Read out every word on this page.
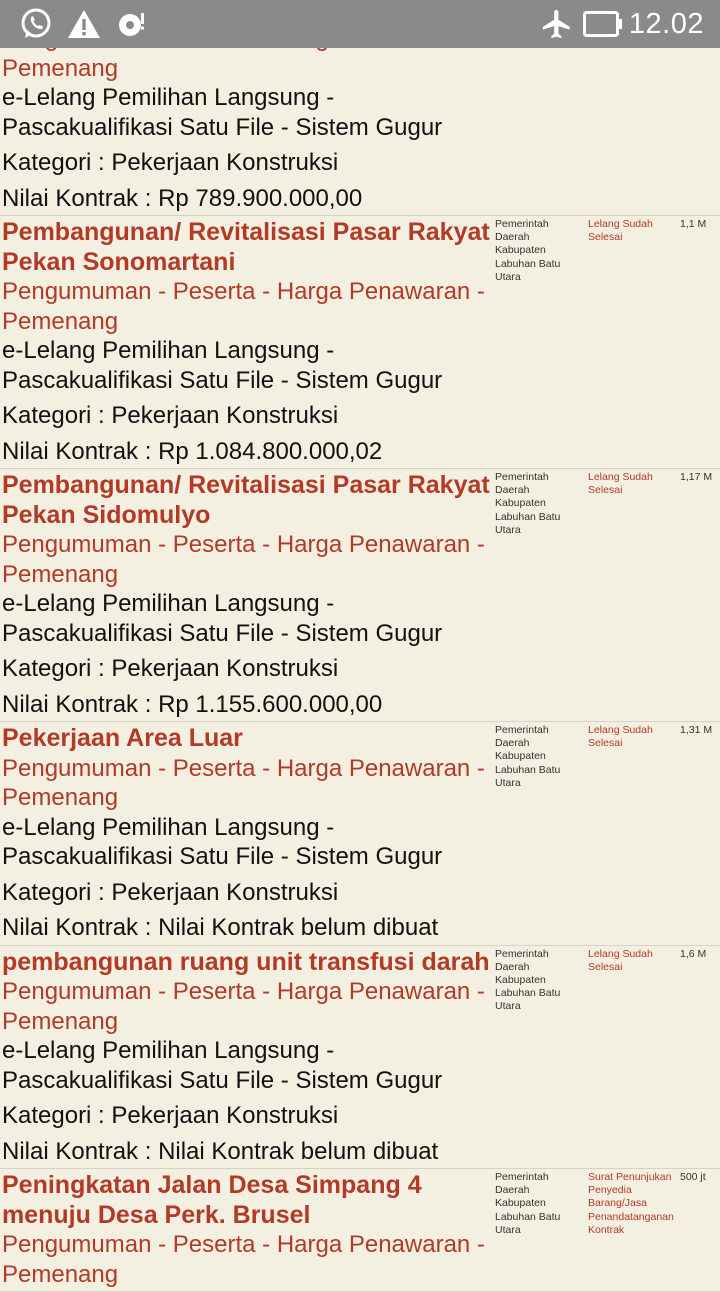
12.02
Pemenang
e-Lelang Pemilihan Langsung - Pascakualifikasi Satu File - Sistem Gugur
Kategori : Pekerjaan Konstruksi
Nilai Kontrak : Rp 789.900.000,00
Pembangunan/ Revitalisasi Pasar Rakyat Pekan Sonomartani
Pengumuman - Peserta - Harga Penawaran - Pemenang
e-Lelang Pemilihan Langsung - Pascakualifikasi Satu File - Sistem Gugur
Kategori : Pekerjaan Konstruksi
Nilai Kontrak : Rp 1.084.800.000,02
Pemerintah Daerah Kabupaten Labuhan Batu Utara
Lelang Sudah Selesai
1,1 M
Pembangunan/ Revitalisasi Pasar Rakyat Pekan Sidomulyo
Pengumuman - Peserta - Harga Penawaran - Pemenang
e-Lelang Pemilihan Langsung - Pascakualifikasi Satu File - Sistem Gugur
Kategori : Pekerjaan Konstruksi
Nilai Kontrak : Rp 1.155.600.000,00
Pemerintah Daerah Kabupaten Labuhan Batu Utara
Lelang Sudah Selesai
1,17 M
Pekerjaan Area Luar
Pengumuman - Peserta - Harga Penawaran - Pemenang
e-Lelang Pemilihan Langsung - Pascakualifikasi Satu File - Sistem Gugur
Kategori : Pekerjaan Konstruksi
Nilai Kontrak : Nilai Kontrak belum dibuat
Pemerintah Daerah Kabupaten Labuhan Batu Utara
Lelang Sudah Selesai
1,31 M
pembangunan ruang unit transfusi darah
Pengumuman - Peserta - Harga Penawaran - Pemenang
e-Lelang Pemilihan Langsung - Pascakualifikasi Satu File - Sistem Gugur
Kategori : Pekerjaan Konstruksi
Nilai Kontrak : Nilai Kontrak belum dibuat
Pemerintah Daerah Kabupaten Labuhan Batu Utara
Lelang Sudah Selesai
1,6 M
Peningkatan Jalan Desa Simpang 4 menuju Desa Perk. Brusel
Pengumuman - Peserta - Harga Penawaran - Pemenang
Pemerintah Daerah Kabupaten Labuhan Batu Utara
Surat Penunjukan Penyedia Barang/Jasa Penandatanganan Kontrak
500 jt
